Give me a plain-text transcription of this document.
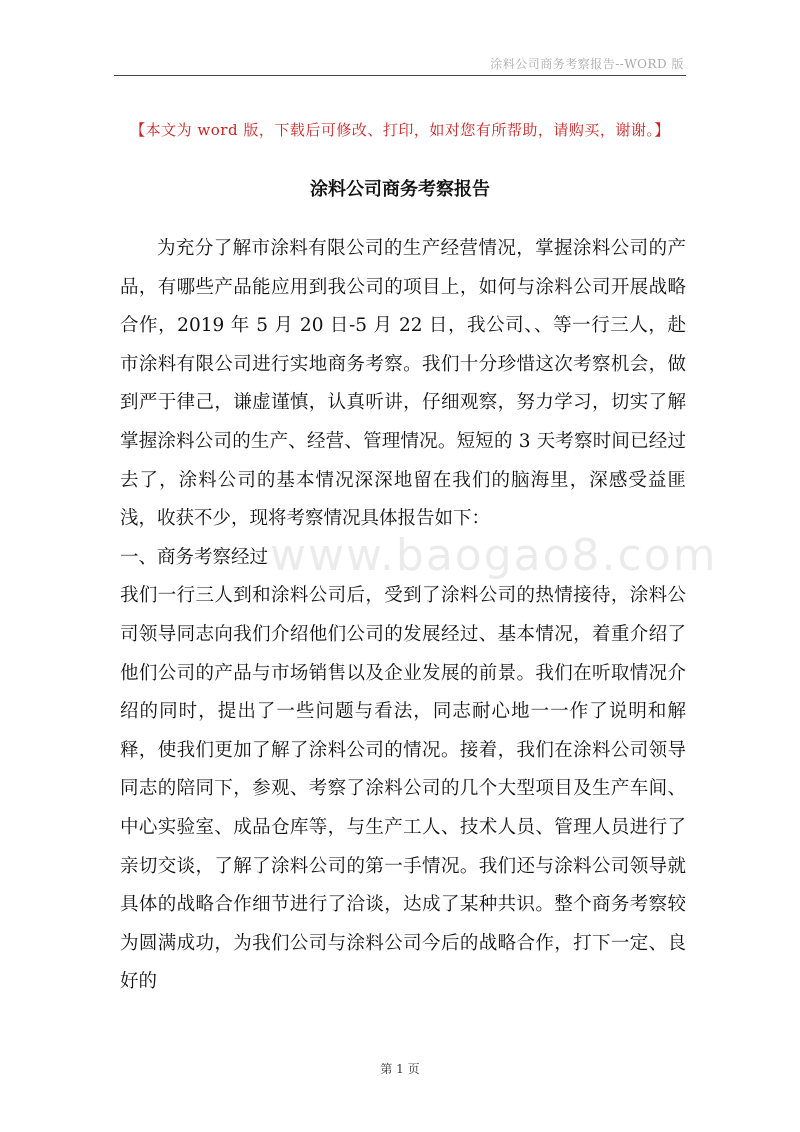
涂料公司商务考察报告--WORD 版
【本文为 word 版，下载后可修改、打印，如对您有所帮助，请购买，谢谢。】
涂料公司商务考察报告
www.baogao8.com

为充分了解市涂料有限公司的生产经营情况，掌握涂料公司的产品，有哪些产品能应用到我公司的项目上，如何与涂料公司开展战略合作，2019 年 5 月 20 日-5 月 22 日，我公司、、等一行三人，赴市涂料有限公司进行实地商务考察。我们十分珍惜这次考察机会，做到严于律己，谦虚谨慎，认真听讲，仔细观察，努力学习，切实了解掌握涂料公司的生产、经营、管理情况。短短的 3 天考察时间已经过去了，涂料公司的基本情况深深地留在我们的脑海里，深感受益匪浅，收获不少，现将考察情况具体报告如下：

一、商务考察经过

我们一行三人到和涂料公司后，受到了涂料公司的热情接待，涂料公司领导同志向我们介绍他们公司的发展经过、基本情况，着重介绍了他们公司的产品与市场销售以及企业发展的前景。我们在听取情况介绍的同时，提出了一些问题与看法，同志耐心地一一作了说明和解释，使我们更加了解了涂料公司的情况。接着，我们在涂料公司领导同志的陪同下，参观、考察了涂料公司的几个大型项目及生产车间、中心实验室、成品仓库等，与生产工人、技术人员、管理人员进行了亲切交谈，了解了涂料公司的第一手情况。我们还与涂料公司领导就具体的战略合作细节进行了洽谈，达成了某种共识。整个商务考察较为圆满成功，为我们公司与涂料公司今后的战略合作，打下一定、良好的

第 1 页
